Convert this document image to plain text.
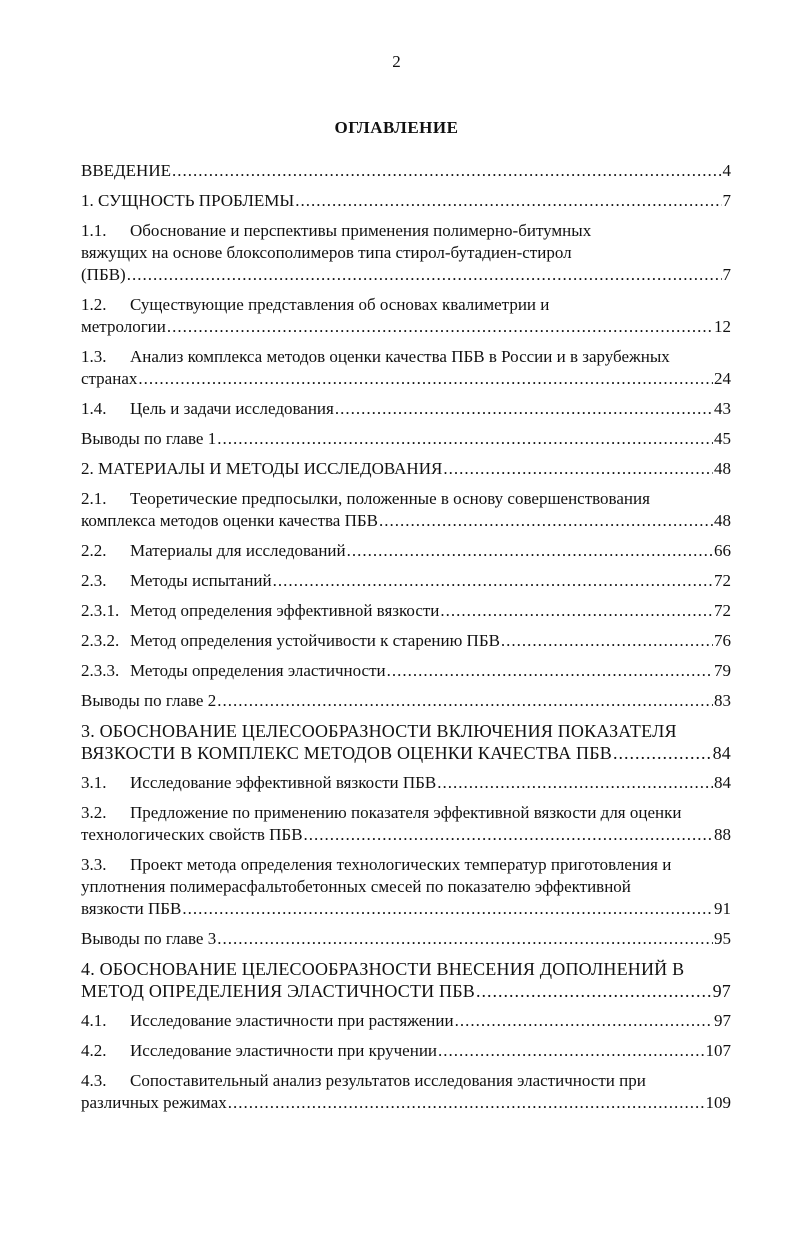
2
ОГЛАВЛЕНИЕ
ВВЕДЕНИЕ .....	4
1. СУЩНОСТЬ ПРОБЛЕМЫ .....	7
1.1.	Обоснование и перспективы применения полимерно-битумных
вяжущих на основе блоксополимеров типа стирол-бутадиен-стирол
(ПБВ) .....	7
1.2.	Существующие представления об основах квалиметрии и
метрологии .....	12
1.3.	Анализ комплекса методов оценки качества ПБВ в России и в зарубежных
странах .....	24
1.4.	Цель и задачи исследования .....	43
Выводы по главе 1 .....	45
2. МАТЕРИАЛЫ И МЕТОДЫ ИССЛЕДОВАНИЯ .....	48
2.1.	Теоретические предпосылки, положенные в основу совершенствования
комплекса методов оценки качества ПБВ .....	48
2.2.	Материалы для исследований .....	66
2.3.	Методы испытаний .....	72
2.3.1. Метод определения эффективной вязкости .....	72
2.3.2. Метод определения устойчивости к старению ПБВ .....	76
2.3.3. Методы определения эластичности .....	79
Выводы по главе 2 .....	83
3. ОБОСНОВАНИЕ ЦЕЛЕСООБРАЗНОСТИ ВКЛЮЧЕНИЯ ПОКАЗАТЕЛЯ
ВЯЗКОСТИ В КОМПЛЕКС МЕТОДОВ ОЦЕНКИ КАЧЕСТВА ПБВ .....	84
3.1.	Исследование эффективной вязкости ПБВ .....	84
3.2.	Предложение по применению показателя эффективной вязкости для оценки
технологических свойств ПБВ .....	88
3.3.	Проект метода определения технологических температур приготовления и
уплотнения полимерасфальтобетонных смесей по показателю эффективной
вязкости ПБВ .....	91
Выводы по главе 3 .....	95
4. ОБОСНОВАНИЕ ЦЕЛЕСООБРАЗНОСТИ ВНЕСЕНИЯ ДОПОЛНЕНИЙ В
МЕТОД ОПРЕДЕЛЕНИЯ ЭЛАСТИЧНОСТИ ПБВ .....	97
4.1.	Исследование эластичности при растяжении .....	97
4.2.	Исследование эластичности при кручении .....	107
4.3.	Сопоставительный анализ результатов исследования эластичности при
различных режимах .....	109
